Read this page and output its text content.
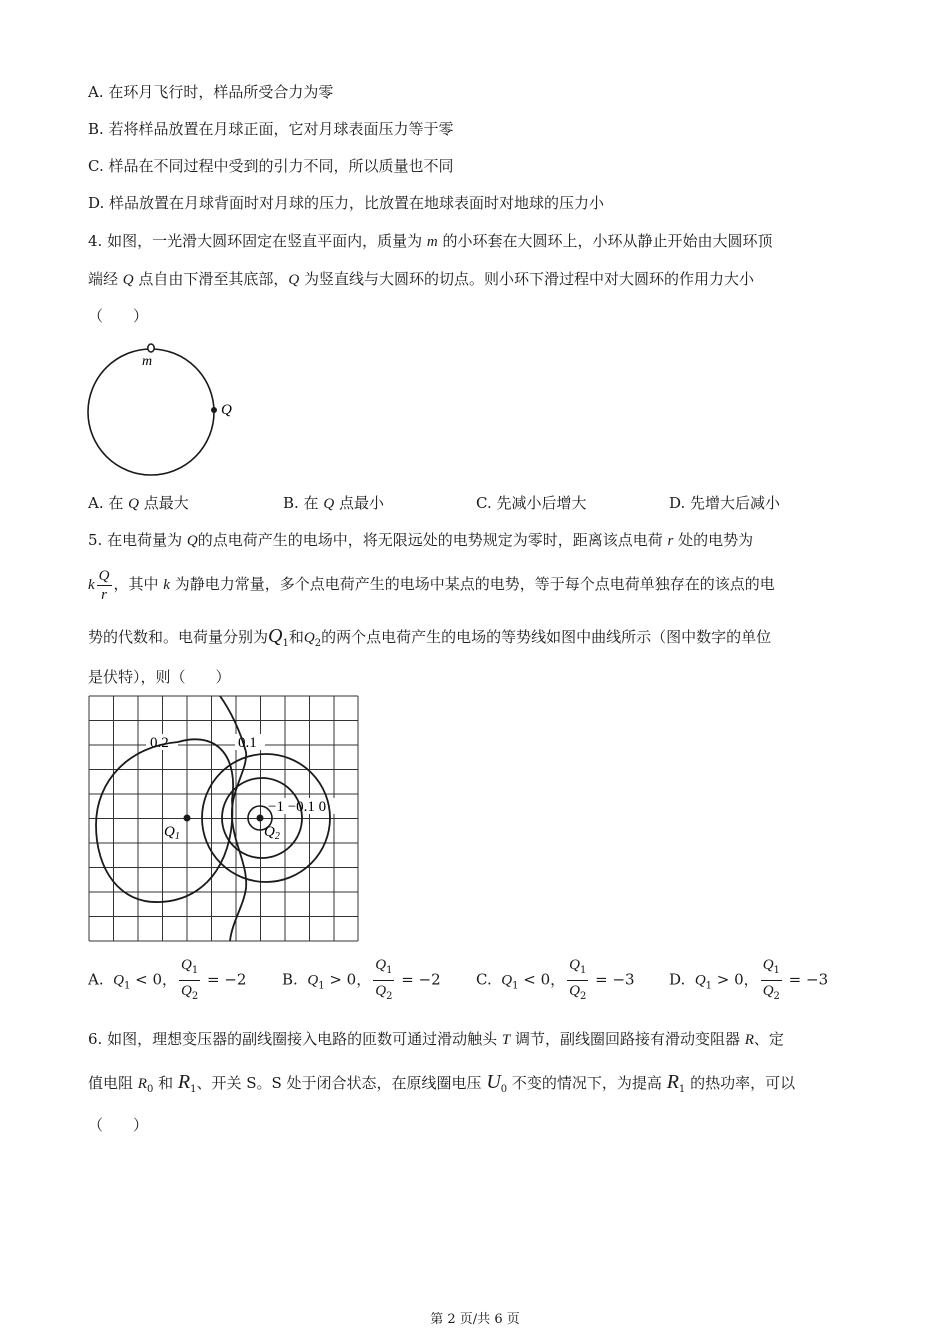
A. 在环月飞行时，样品所受合力为零
B. 若将样品放置在月球正面，它对月球表面压力等于零
C. 样品在不同过程中受到的引力不同，所以质量也不同
D. 样品放置在月球背面时对月球的压力，比放置在地球表面时对地球的压力小
4. 如图，一光滑大圆环固定在竖直平面内，质量为 m 的小环套在大圆环上，小环从静止开始由大圆环顶
端经 Q 点自由下滑至其底部，Q 为竖直线与大圆环的切点。则小环下滑过程中对大圆环的作用力大小
（　　）
m
Q
A. 在 Q 点最大	B. 在 Q 点最小	C. 先减小后增大	D. 先增大后减小
5. 在电荷量为 Q的点电荷产生的电场中，将无限远处的电势规定为零时，距离该点电荷 r 处的电势为
k $\frac{Q}{r}$ ，其中 k 为静电力常量，多个点电荷产生的电场中某点的电势，等于每个点电荷单独存在的该点的电
势的代数和。电荷量分别为$Q_1$和$Q_2$的两个点电荷产生的电场的等势线如图中曲线所示（图中数字的单位
是伏特），则（　　）
0.2	0.1
−1 −0.1 0
$Q_1$	$Q_2$
A. $Q_1 < 0$， $\frac{Q_1}{Q_2} = -2$ B. $Q_1 > 0$， $\frac{Q_1}{Q_2} = -2$ C. $Q_1 < 0$， $\frac{Q_1}{Q_2} = -3$ D. $Q_1 > 0$， $\frac{Q_1}{Q_2} = -3$
6. 如图，理想变压器的副线圈接入电路的匝数可通过滑动触头 T 调节，副线圈回路接有滑动变阻器 R、定
值电阻 $R_0$ 和 $R_1$、开关 S。S 处于闭合状态，在原线圈电压 $U_0$ 不变的情况下，为提高 $R_1$ 的热功率，可以
（　　）
第 2 页/共 6 页
